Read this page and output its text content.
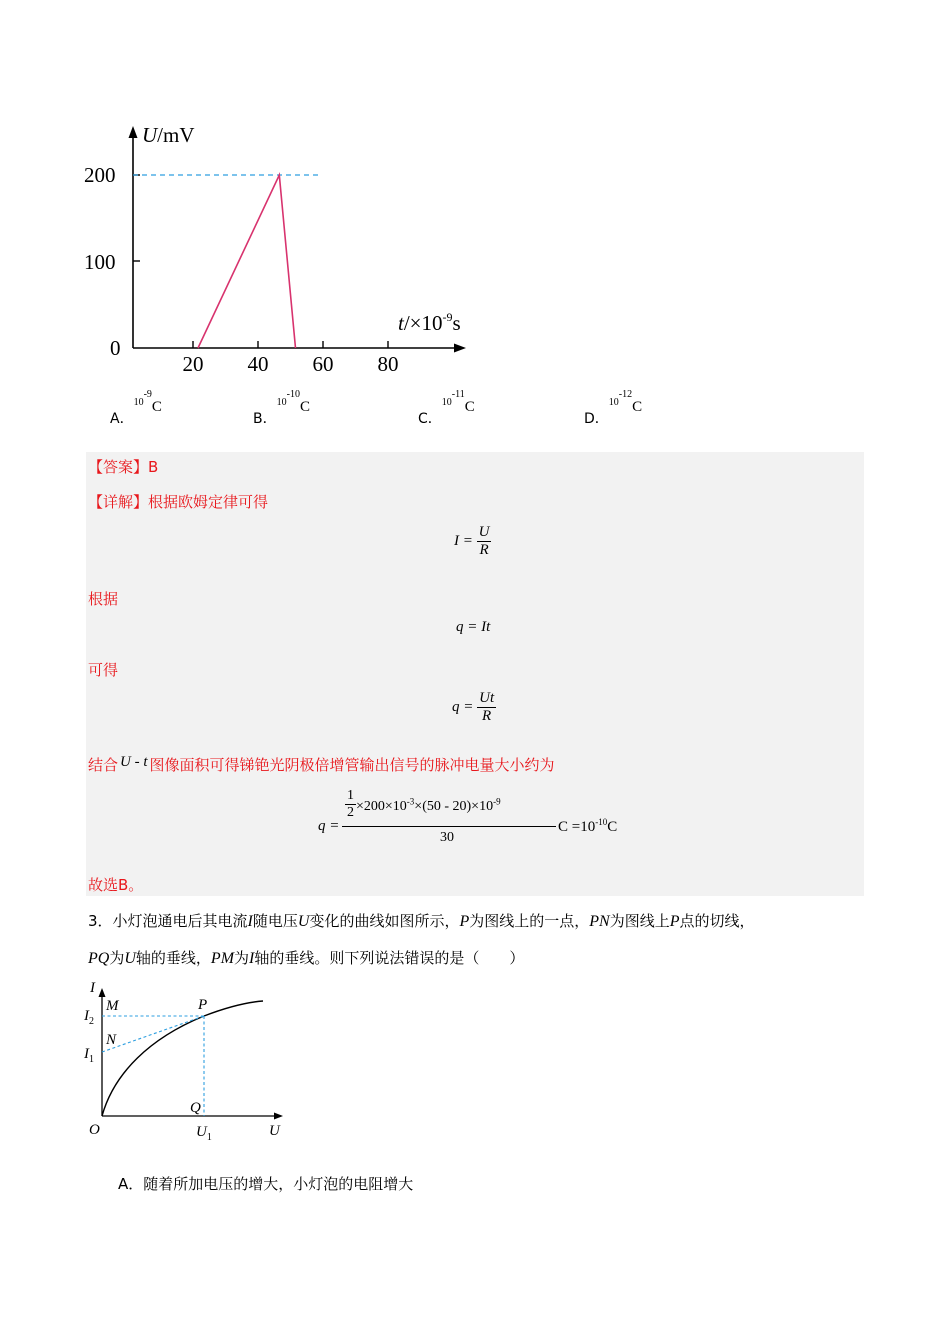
U/mV
$t/\times 10^{-9}s$
200
100
0
20 40 60 80
A．$^{10-9}$C
B．$^{10-10}$C
C．$^{10-11}$C
D．$^{10-12}$C
【答案】B
【详解】根据欧姆定律可得
$I = \frac{U}{R}$
根据
q = It
可得
$q = \frac{Ut}{R}$
结合 U - t 图像面积可得锑铯光阴极倍增管输出信号的脉冲电量大小约为
q =
$\frac{1}{2} \times 200\times 10^{-3}\times(50 - 20)\times 10^{-9}$
30
$C =10^{-10}C$
故选B。
3．小灯泡通电后其电流I随电压U变化的曲线如图所示，P为图线上的一点，PN为图线上P点的切线，
PQ为U轴的垂线，PM为I轴的垂线。则下列说法错误的是（　　）
I
M
$I_2$
P
N
$I_1$
Q
O	$U_1$	U
A．随着所加电压的增大，小灯泡的电阻增大
